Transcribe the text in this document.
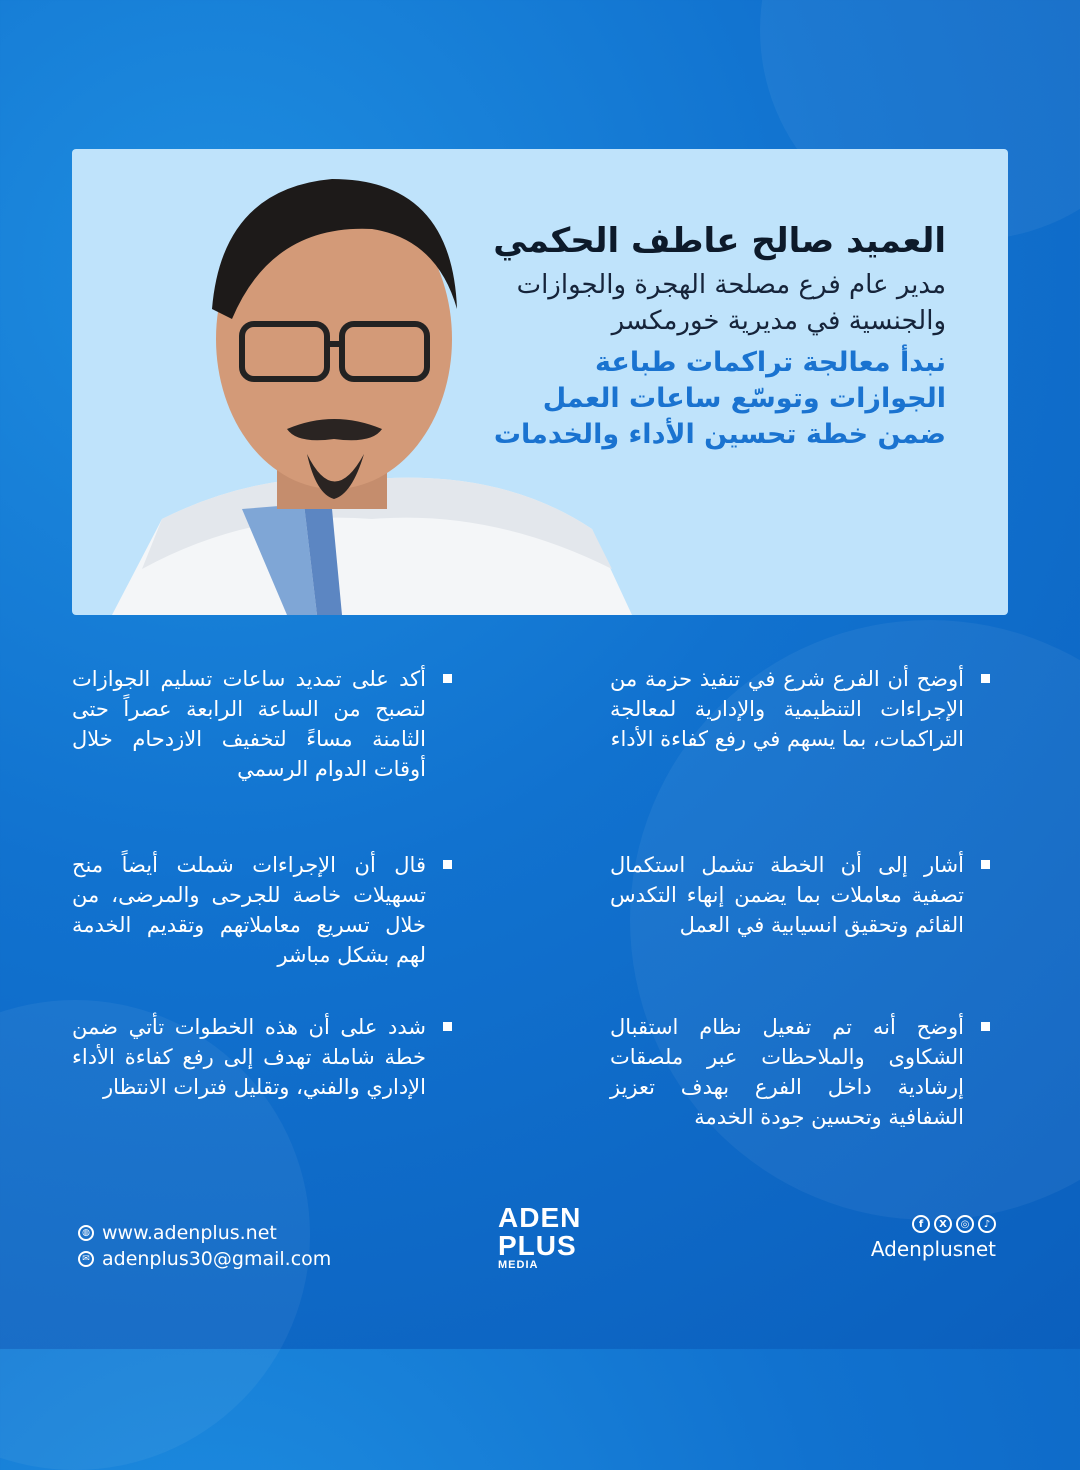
العميد صالح عاطف الحكمي

مدير عام فرع مصلحة الهجرة والجوازات والجنسية في مديرية خورمكسر

نبدأ معالجة تراكمات طباعة الجوازات وتوسّع ساعات العمل ضمن خطة تحسين الأداء والخدمات

أوضح أن الفرع شرع في تنفيذ حزمة من الإجراءات التنظيمية والإدارية لمعالجة التراكمات، بما يسهم في رفع كفاءة الأداء

أشار إلى أن الخطة تشمل استكمال تصفية معاملات بما يضمن إنهاء التكدس القائم وتحقيق انسيابية في العمل

أوضح أنه تم تفعيل نظام استقبال الشكاوى والملاحظات عبر ملصقات إرشادية داخل الفرع بهدف تعزيز الشفافية وتحسين جودة الخدمة

أكد على تمديد ساعات تسليم الجوازات لتصبح من الساعة الرابعة عصراً حتى الثامنة مساءً لتخفيف الازدحام خلال أوقات الدوام الرسمي

قال أن الإجراءات شملت أيضاً منح تسهيلات خاصة للجرحى والمرضى، من خلال تسريع معاملاتهم وتقديم الخدمة لهم بشكل مباشر

شدد على أن هذه الخطوات تأتي ضمن خطة شاملة تهدف إلى رفع كفاءة الأداء الإداري والفني، وتقليل فترات الانتظار

◍ www.adenplus.net
✉ adenplus30@gmail.com
ADEN
PLUS
MEDIA
f	X	◎	♪
Adenplusnet
